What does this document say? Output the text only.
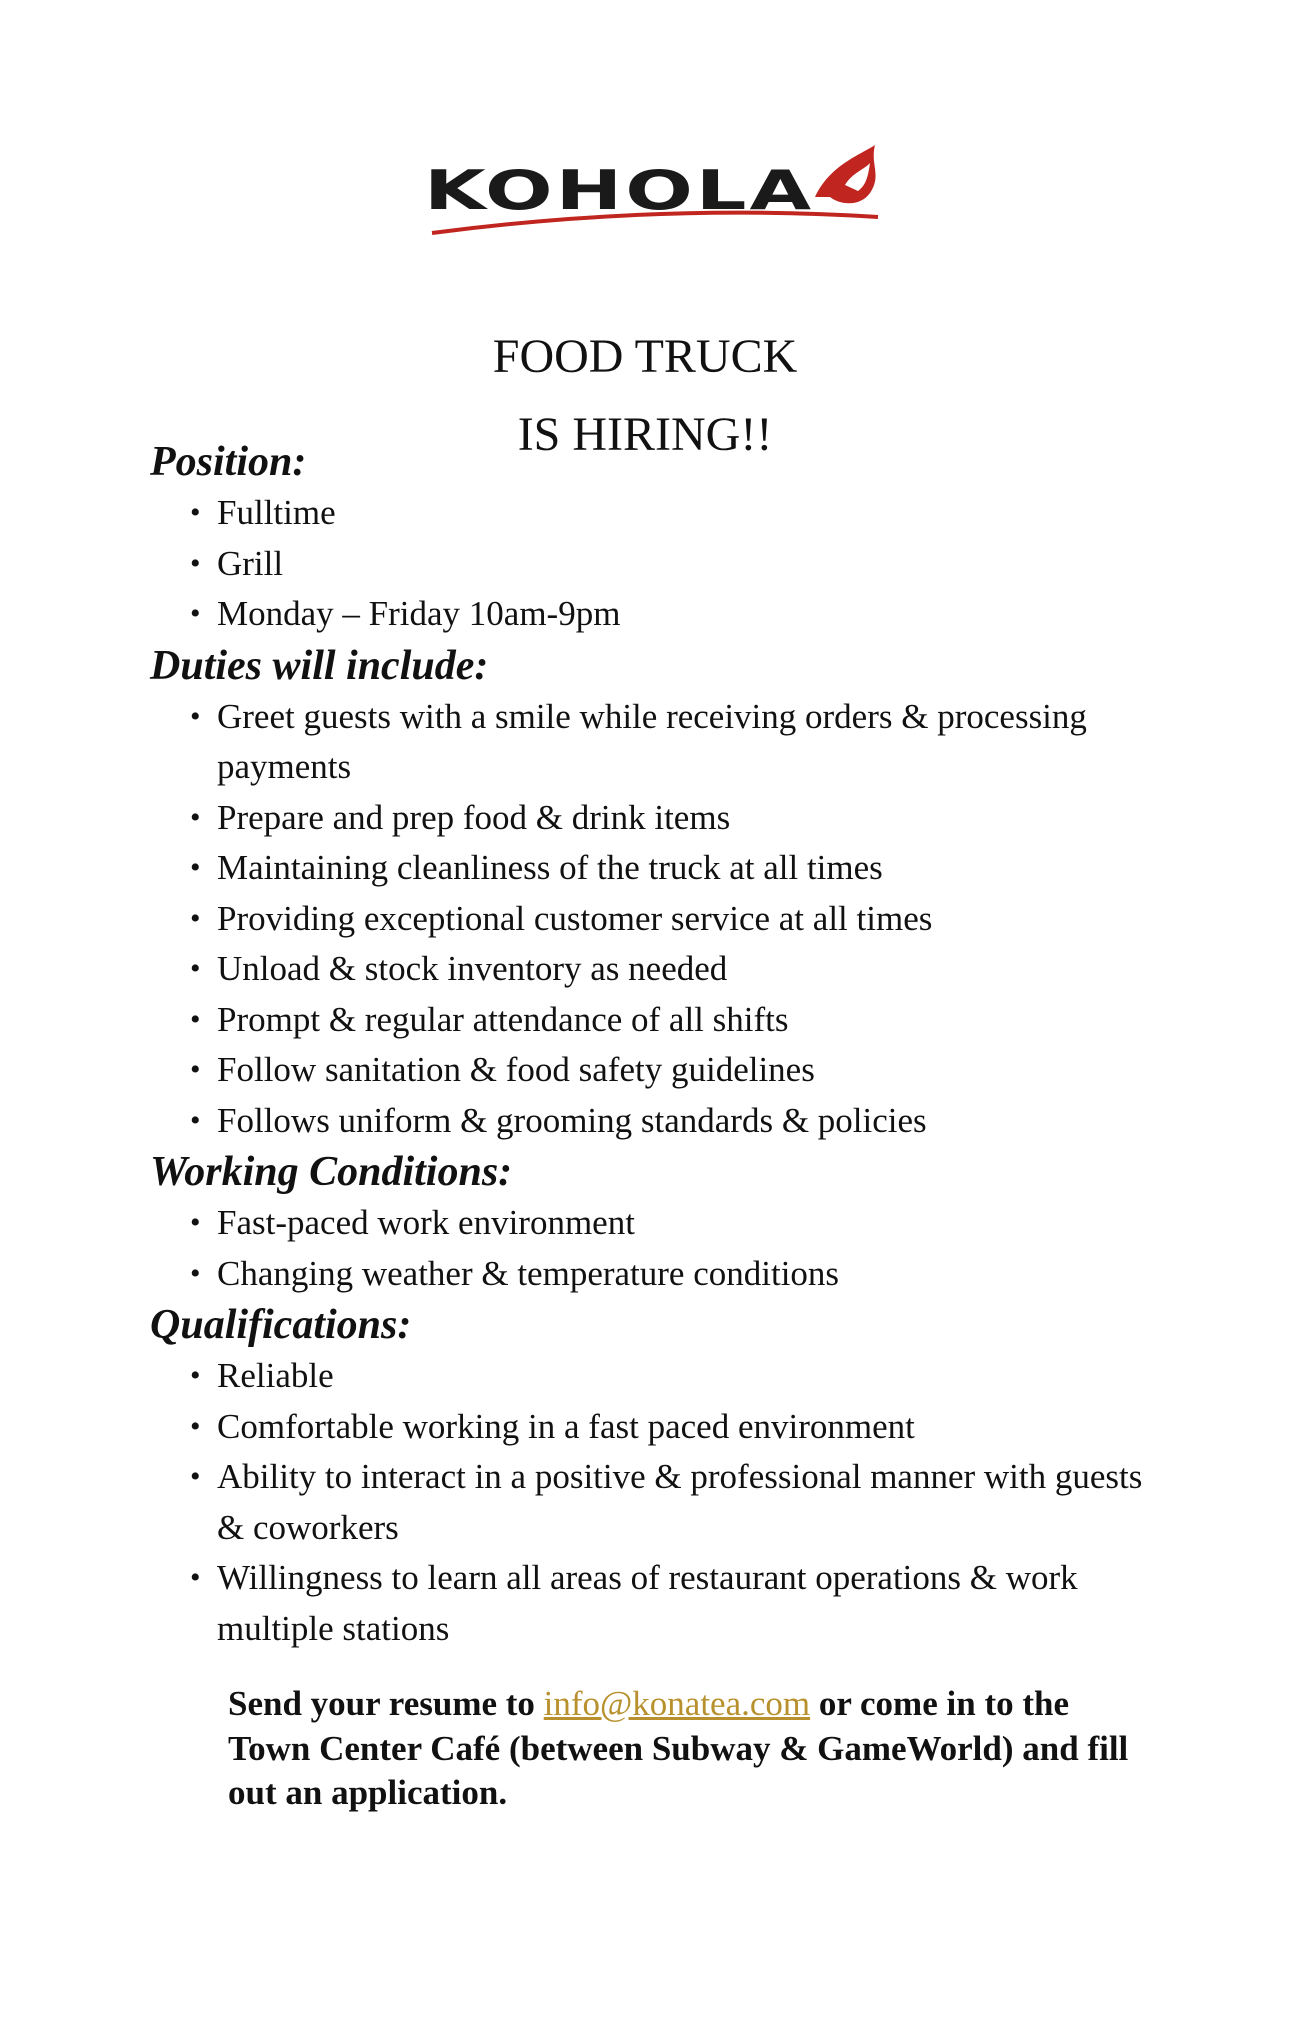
KOHOLA
FOOD TRUCK
IS HIRING!!
Position:
• Fulltime
• Grill
• Monday – Friday 10am-9pm
Duties will include:
• Greet guests with a smile while receiving orders & processing payments
• Prepare and prep food & drink items
• Maintaining cleanliness of the truck at all times
• Providing exceptional customer service at all times
• Unload & stock inventory as needed
• Prompt & regular attendance of all shifts
• Follow sanitation & food safety guidelines
• Follows uniform & grooming standards & policies
Working Conditions:
• Fast-paced work environment
• Changing weather & temperature conditions
Qualifications:
• Reliable
• Comfortable working in a fast paced environment
• Ability to interact in a positive & professional manner with guests & coworkers
• Willingness to learn all areas of restaurant operations & work multiple stations
Send your resume to info@konatea.com or come in to the Town Center Café (between Subway & GameWorld) and fill out an application.
